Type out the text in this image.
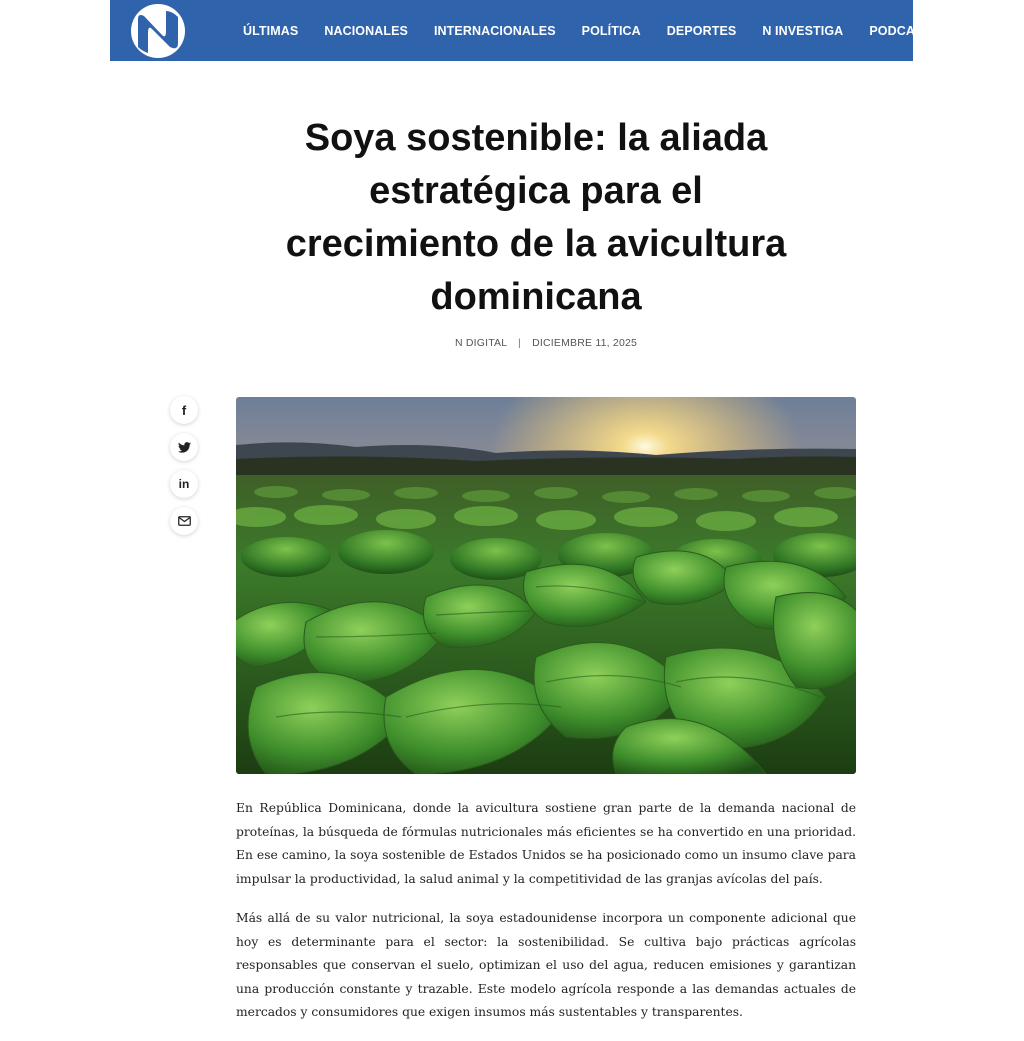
ÚLTIMAS NACIONALES INTERNACIONALES POLÍTICA DEPORTES N INVESTIGA PODCAST
Soya sostenible: la aliada estratégica para el crecimiento de la avicultura dominicana
N DIGITAL | DICIEMBRE 11, 2025
f
in

En República Dominicana, donde la avicultura sostiene gran parte de la demanda nacional de proteínas, la búsqueda de fórmulas nutricionales más eficientes se ha convertido en una prioridad. En ese camino, la soya sostenible de Estados Unidos se ha posicionado como un insumo clave para impulsar la productividad, la salud animal y la competitividad de las granjas avícolas del país.

Más allá de su valor nutricional, la soya estadounidense incorpora un componente adicional que hoy es determinante para el sector: la sostenibilidad. Se cultiva bajo prácticas agrícolas responsables que conservan el suelo, optimizan el uso del agua, reducen emisiones y garantizan una producción constante y trazable. Este modelo agrícola responde a las demandas actuales de mercados y consumidores que exigen insumos más sustentables y transparentes.
